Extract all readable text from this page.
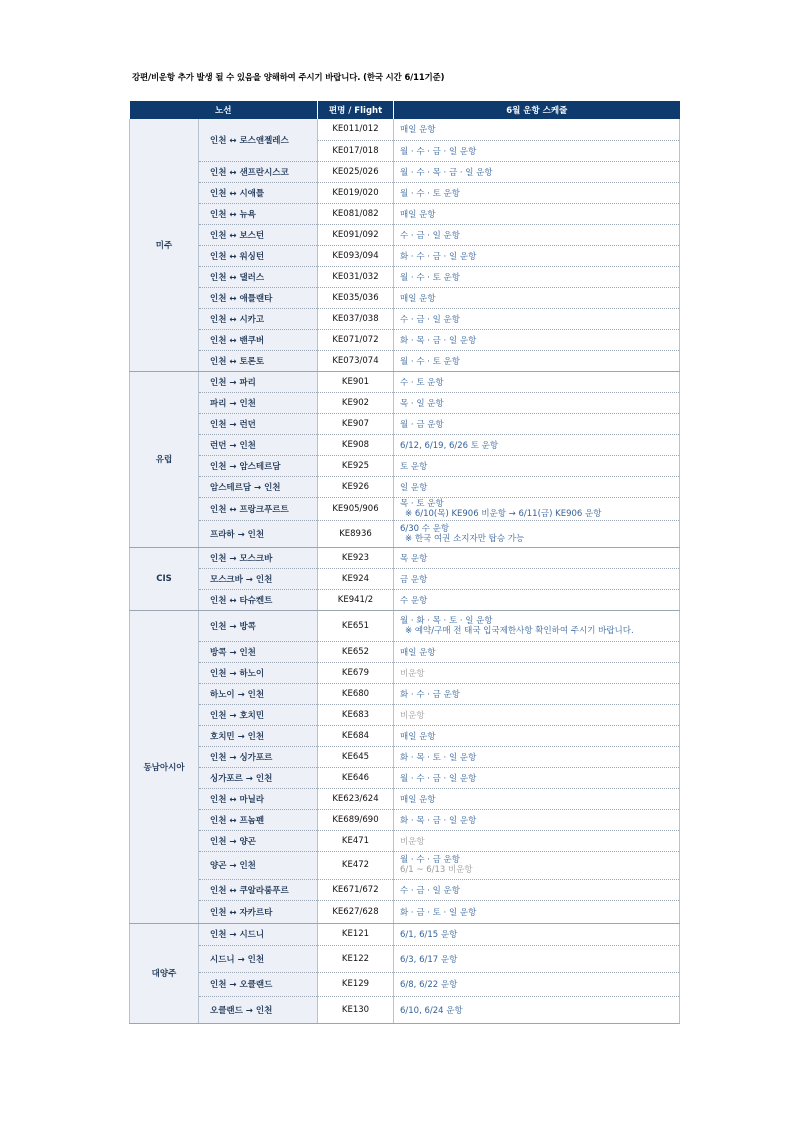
강편/비운항 추가 발생 될 수 있음을 양해하여 주시기 바랍니다. (한국 시간 6/11기준)
노선		편명 / Flight	6월 운항 스케줄
미주	인천 ↔ 로스앤젤레스	KE011/012	매일 운항
		KE017/018	월 · 수 · 금 · 일 운항
	인천 ↔ 샌프란시스코	KE025/026	월 · 수 · 목 · 금 · 일 운항
	인천 ↔ 시애틀	KE019/020	월 · 수 · 토 운항
	인천 ↔ 뉴욕	KE081/082	매일 운항
	인천 ↔ 보스턴	KE091/092	수 · 금 · 일 운항
	인천 ↔ 워싱턴	KE093/094	화 · 수 · 금 · 일 운항
	인천 ↔ 댈러스	KE031/032	월 · 수 · 토 운항
	인천 ↔ 애틀랜타	KE035/036	매일 운항
	인천 ↔ 시카고	KE037/038	수 · 금 · 일 운항
	인천 ↔ 밴쿠버	KE071/072	화 · 목 · 금 · 일 운항
	인천 ↔ 토론토	KE073/074	월 · 수 · 토 운항
유럽	인천 → 파리	KE901	수 · 토 운항
	파리 → 인천	KE902	목 · 일 운항
	인천 → 런던	KE907	월 · 금 운항
	런던 → 인천	KE908	6/12, 6/19, 6/26 토 운항
	인천 → 암스테르담	KE925	토 운항
	암스테르담 → 인천	KE926	일 운항
	인천 ↔ 프랑크푸르트	KE905/906	목 · 토 운항
※ 6/10(목) KE906 비운항 → 6/11(금) KE906 운항

	프라하 → 인천	KE8936	6/30 수 운항
※ 한국 여권 소지자만 탑승 가능

CIS	인천 → 모스크바	KE923	목 운항
	모스크바 → 인천	KE924	금 운항
	인천 ↔ 타슈켄트	KE941/2	수 운항
동남아시아	인천 → 방콕	KE651	월 · 화 · 목 · 토 · 일 운항
※ 예약/구매 전 태국 입국제한사항 확인하여 주시기 바랍니다.

	방콕 → 인천	KE652	매일 운항
	인천 → 하노이	KE679	비운항
	하노이 → 인천	KE680	화 · 수 · 금 운항
	인천 → 호치민	KE683	비운항
	호치민 → 인천	KE684	매일 운항
	인천 → 싱가포르	KE645	화 · 목 · 토 · 일 운항
	싱가포르 → 인천	KE646	월 · 수 · 금 · 일 운항
	인천 ↔ 마닐라	KE623/624	매일 운항
	인천 ↔ 프놈펜	KE689/690	화 · 목 · 금 · 일 운항
	인천 → 양곤	KE471	비운항
	양곤 → 인천	KE472	월 · 수 · 금 운항
6/1 ~ 6/13 비운항

	인천 ↔ 쿠알라룸푸르	KE671/672	수 · 금 · 일 운항
	인천 ↔ 자카르타	KE627/628	화 · 금 · 토 · 일 운항
대양주	인천 → 시드니	KE121	6/1, 6/15 운항
	시드니 → 인천	KE122	6/3, 6/17 운항
	인천 → 오클랜드	KE129	6/8, 6/22 운항
	오클랜드 → 인천	KE130	6/10, 6/24 운항
